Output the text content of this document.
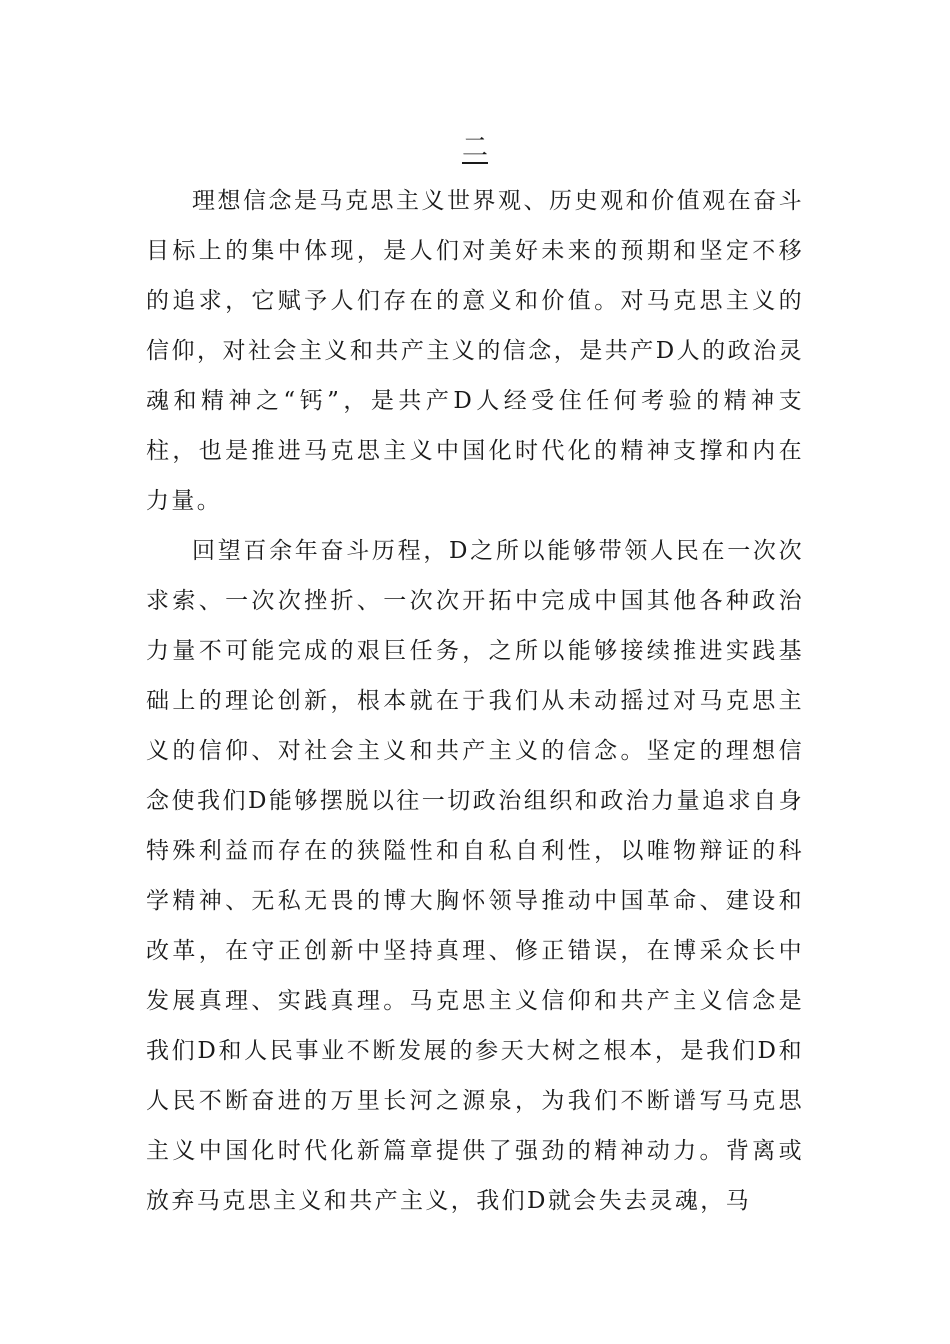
二

理想信念是马克思主义世界观、历史观和价值观在奋斗目标上的集中体现，是人们对美好未来的预期和坚定不移的追求，它赋予人们存在的意义和价值。对马克思主义的信仰，对社会主义和共产主义的信念，是共产D人的政治灵魂和精神之“钙”，是共产D人经受住任何考验的精神支柱，也是推进马克思主义中国化时代化的精神支撑和内在力量。

回望百余年奋斗历程，D之所以能够带领人民在一次次求索、一次次挫折、一次次开拓中完成中国其他各种政治力量不可能完成的艰巨任务，之所以能够接续推进实践基础上的理论创新，根本就在于我们从未动摇过对马克思主义的信仰、对社会主义和共产主义的信念。坚定的理想信念使我们D能够摆脱以往一切政治组织和政治力量追求自身特殊利益而存在的狭隘性和自私自利性，以唯物辩证的科学精神、无私无畏的博大胸怀领导推动中国革命、建设和改革，在守正创新中坚持真理、修正错误，在博采众长中发展真理、实践真理。马克思主义信仰和共产主义信念是我们D和人民事业不断发展的参天大树之根本，是我们D和人民不断奋进的万里长河之源泉，为我们不断谱写马克思主义中国化时代化新篇章提供了强劲的精神动力。背离或放弃马克思主义和共产主义，我们D就会失去灵魂，马
